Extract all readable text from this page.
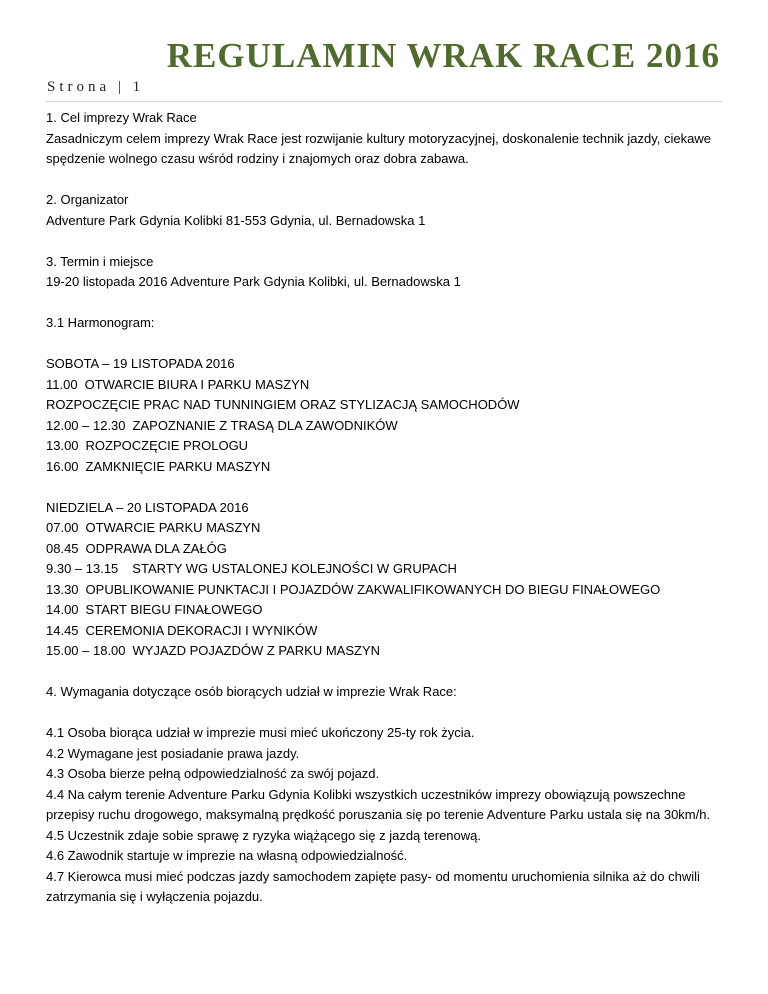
REGULAMIN WRAK RACE 2016
Strona | 1
1. Cel imprezy Wrak Race
Zasadniczym celem imprezy Wrak Race jest rozwijanie kultury motoryzacyjnej, doskonalenie technik jazdy, ciekawe spędzenie wolnego czasu wśród rodziny i znajomych oraz dobra zabawa.
2. Organizator
Adventure Park Gdynia Kolibki 81-553 Gdynia, ul. Bernadowska 1
3. Termin i miejsce
19-20 listopada 2016 Adventure Park Gdynia Kolibki, ul. Bernadowska 1
3.1 Harmonogram:
SOBOTA – 19 LISTOPADA 2016
11.00 OTWARCIE BIURA I PARKU MASZYN
ROZPOCZĘCIE PRAC NAD TUNNINGIEM ORAZ STYLIZACJĄ SAMOCHODÓW
12.00 – 12.30 ZAPOZNANIE Z TRASĄ DLA ZAWODNIKÓW
13.00 ROZPOCZĘCIE PROLOGU
16.00 ZAMKNIĘCIE PARKU MASZYN
NIEDZIELA – 20 LISTOPADA 2016
07.00 OTWARCIE PARKU MASZYN
08.45 ODPRAWA DLA ZAŁÓG
9.30 – 13.15 STARTY WG USTALONEJ KOLEJNOŚCI W GRUPACH
13.30 OPUBLIKOWANIE PUNKTACJI I POJAZDÓW ZAKWALIFIKOWANYCH DO BIEGU FINAŁOWEGO
14.00 START BIEGU FINAŁOWEGO
14.45 CEREMONIA DEKORACJI I WYNIKÓW
15.00 – 18.00 WYJAZD POJAZDÓW Z PARKU MASZYN
4. Wymagania dotyczące osób biorących udział w imprezie Wrak Race:
4.1 Osoba biorąca udział w imprezie musi mieć ukończony 25-ty rok życia.
4.2 Wymagane jest posiadanie prawa jazdy.
4.3 Osoba bierze pełną odpowiedzialność za swój pojazd.
4.4 Na całym terenie Adventure Parku Gdynia Kolibki wszystkich uczestników imprezy obowiązują powszechne przepisy ruchu drogowego, maksymalną prędkość poruszania się po terenie Adventure Parku ustala się na 30km/h.
4.5 Uczestnik zdaje sobie sprawę z ryzyka wiążącego się z jazdą terenową.
4.6 Zawodnik startuje w imprezie na własną odpowiedzialność.
4.7 Kierowca musi mieć podczas jazdy samochodem zapięte pasy- od momentu uruchomienia silnika aż do chwili zatrzymania się i wyłączenia pojazdu.
